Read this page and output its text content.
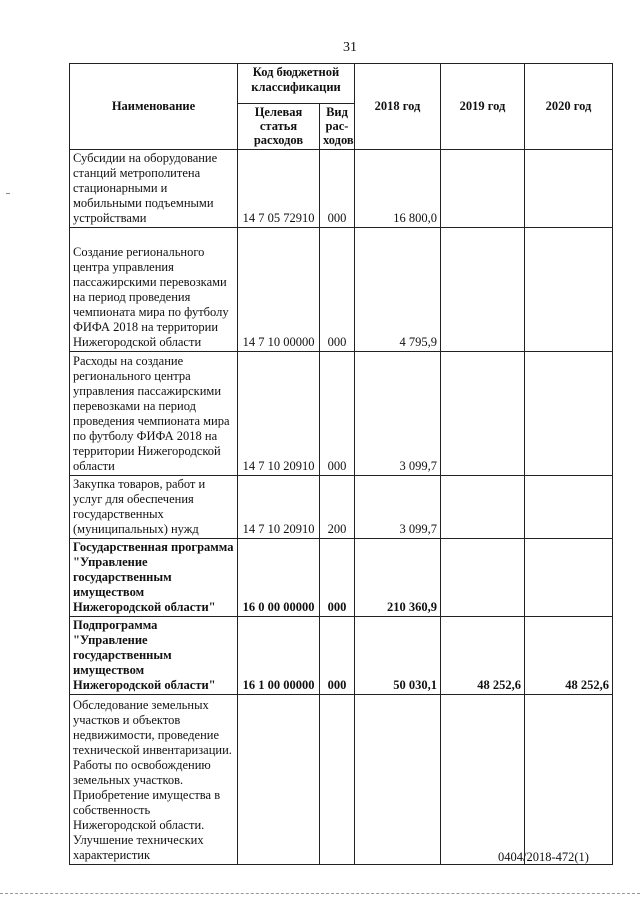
31
Наименование	Код бюджетной классификации		2018 год	2019 год	2020 год
	Целевая статья расходов	Вид рас-ходов			
Субсидии на оборудование станций метрополитена стационарными и мобильными подъемными устройствами	14 7 05 72910	000	16 800,0		
Создание регионального центра управления пассажирскими перевозками на период проведения чемпионата мира по футболу ФИФА 2018 на территории Нижегородской области	14 7 10 00000	000	4 795,9		
Расходы на создание регионального центра управления пассажирскими перевозками на период проведения чемпионата мира по футболу ФИФА 2018 на территории Нижегородской области	14 7 10 20910	000	3 099,7		
Закупка товаров, работ и услуг для обеспечения государственных (муниципальных) нужд	14 7 10 20910	200	3 099,7		
Государственная программа "Управление государственным имуществом Нижегородской области"	16 0 00 00000	000	210 360,9		
Подпрограмма "Управление государственным имуществом Нижегородской области"	16 1 00 00000	000	50 030,1	48 252,6	48 252,6
Обследование земельных участков и объектов недвижимости, проведение технической инвентаризации. Работы по освобождению земельных участков. Приобретение имущества в собственность Нижегородской области. Улучшение технических характеристик						0404/2018-472(1)
